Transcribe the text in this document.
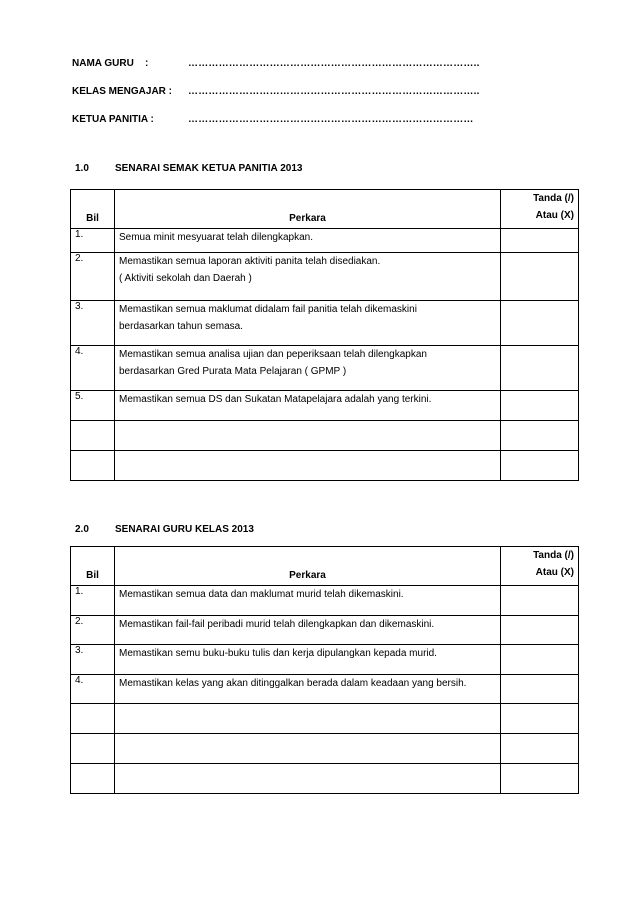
NAMA GURU    :	…………………………………………………………………………..
KELAS MENGAJAR : …………………………………………………………………………..
KETUA PANITIA :	…………………………………………………………………………
1.0	SENARAI SEMAK KETUA PANITIA 2013
Bil	Perkara	Tanda (/)
Atau (X)

1.	Semua minit mesyuarat telah dilengkapkan.	

2.	Memastikan semua laporan aktiviti panita telah disediakan.
( Aktiviti sekolah dan Daerah )	

3.	Memastikan semua maklumat didalam fail panitia telah dikemaskini
berdasarkan tahun semasa.	

4.	Memastikan semua analisa ujian dan peperiksaan telah dilengkapkan
berdasarkan Gred Purata Mata Pelajaran ( GPMP )	

5.	Memastikan semua DS dan Sukatan Matapelajara adalah yang terkini.	

2.0	SENARAI GURU KELAS 2013
Bil	Perkara	Tanda (/)
Atau (X)

1.	Memastikan semua data dan maklumat murid telah dikemaskini.	

2.	Memastikan fail-fail peribadi murid telah dilengkapkan dan dikemaskini.	

3.	Memastikan semu buku-buku tulis dan kerja dipulangkan kepada murid.	

4.	Memastikan kelas yang akan ditinggalkan berada dalam keadaan yang bersih.	
